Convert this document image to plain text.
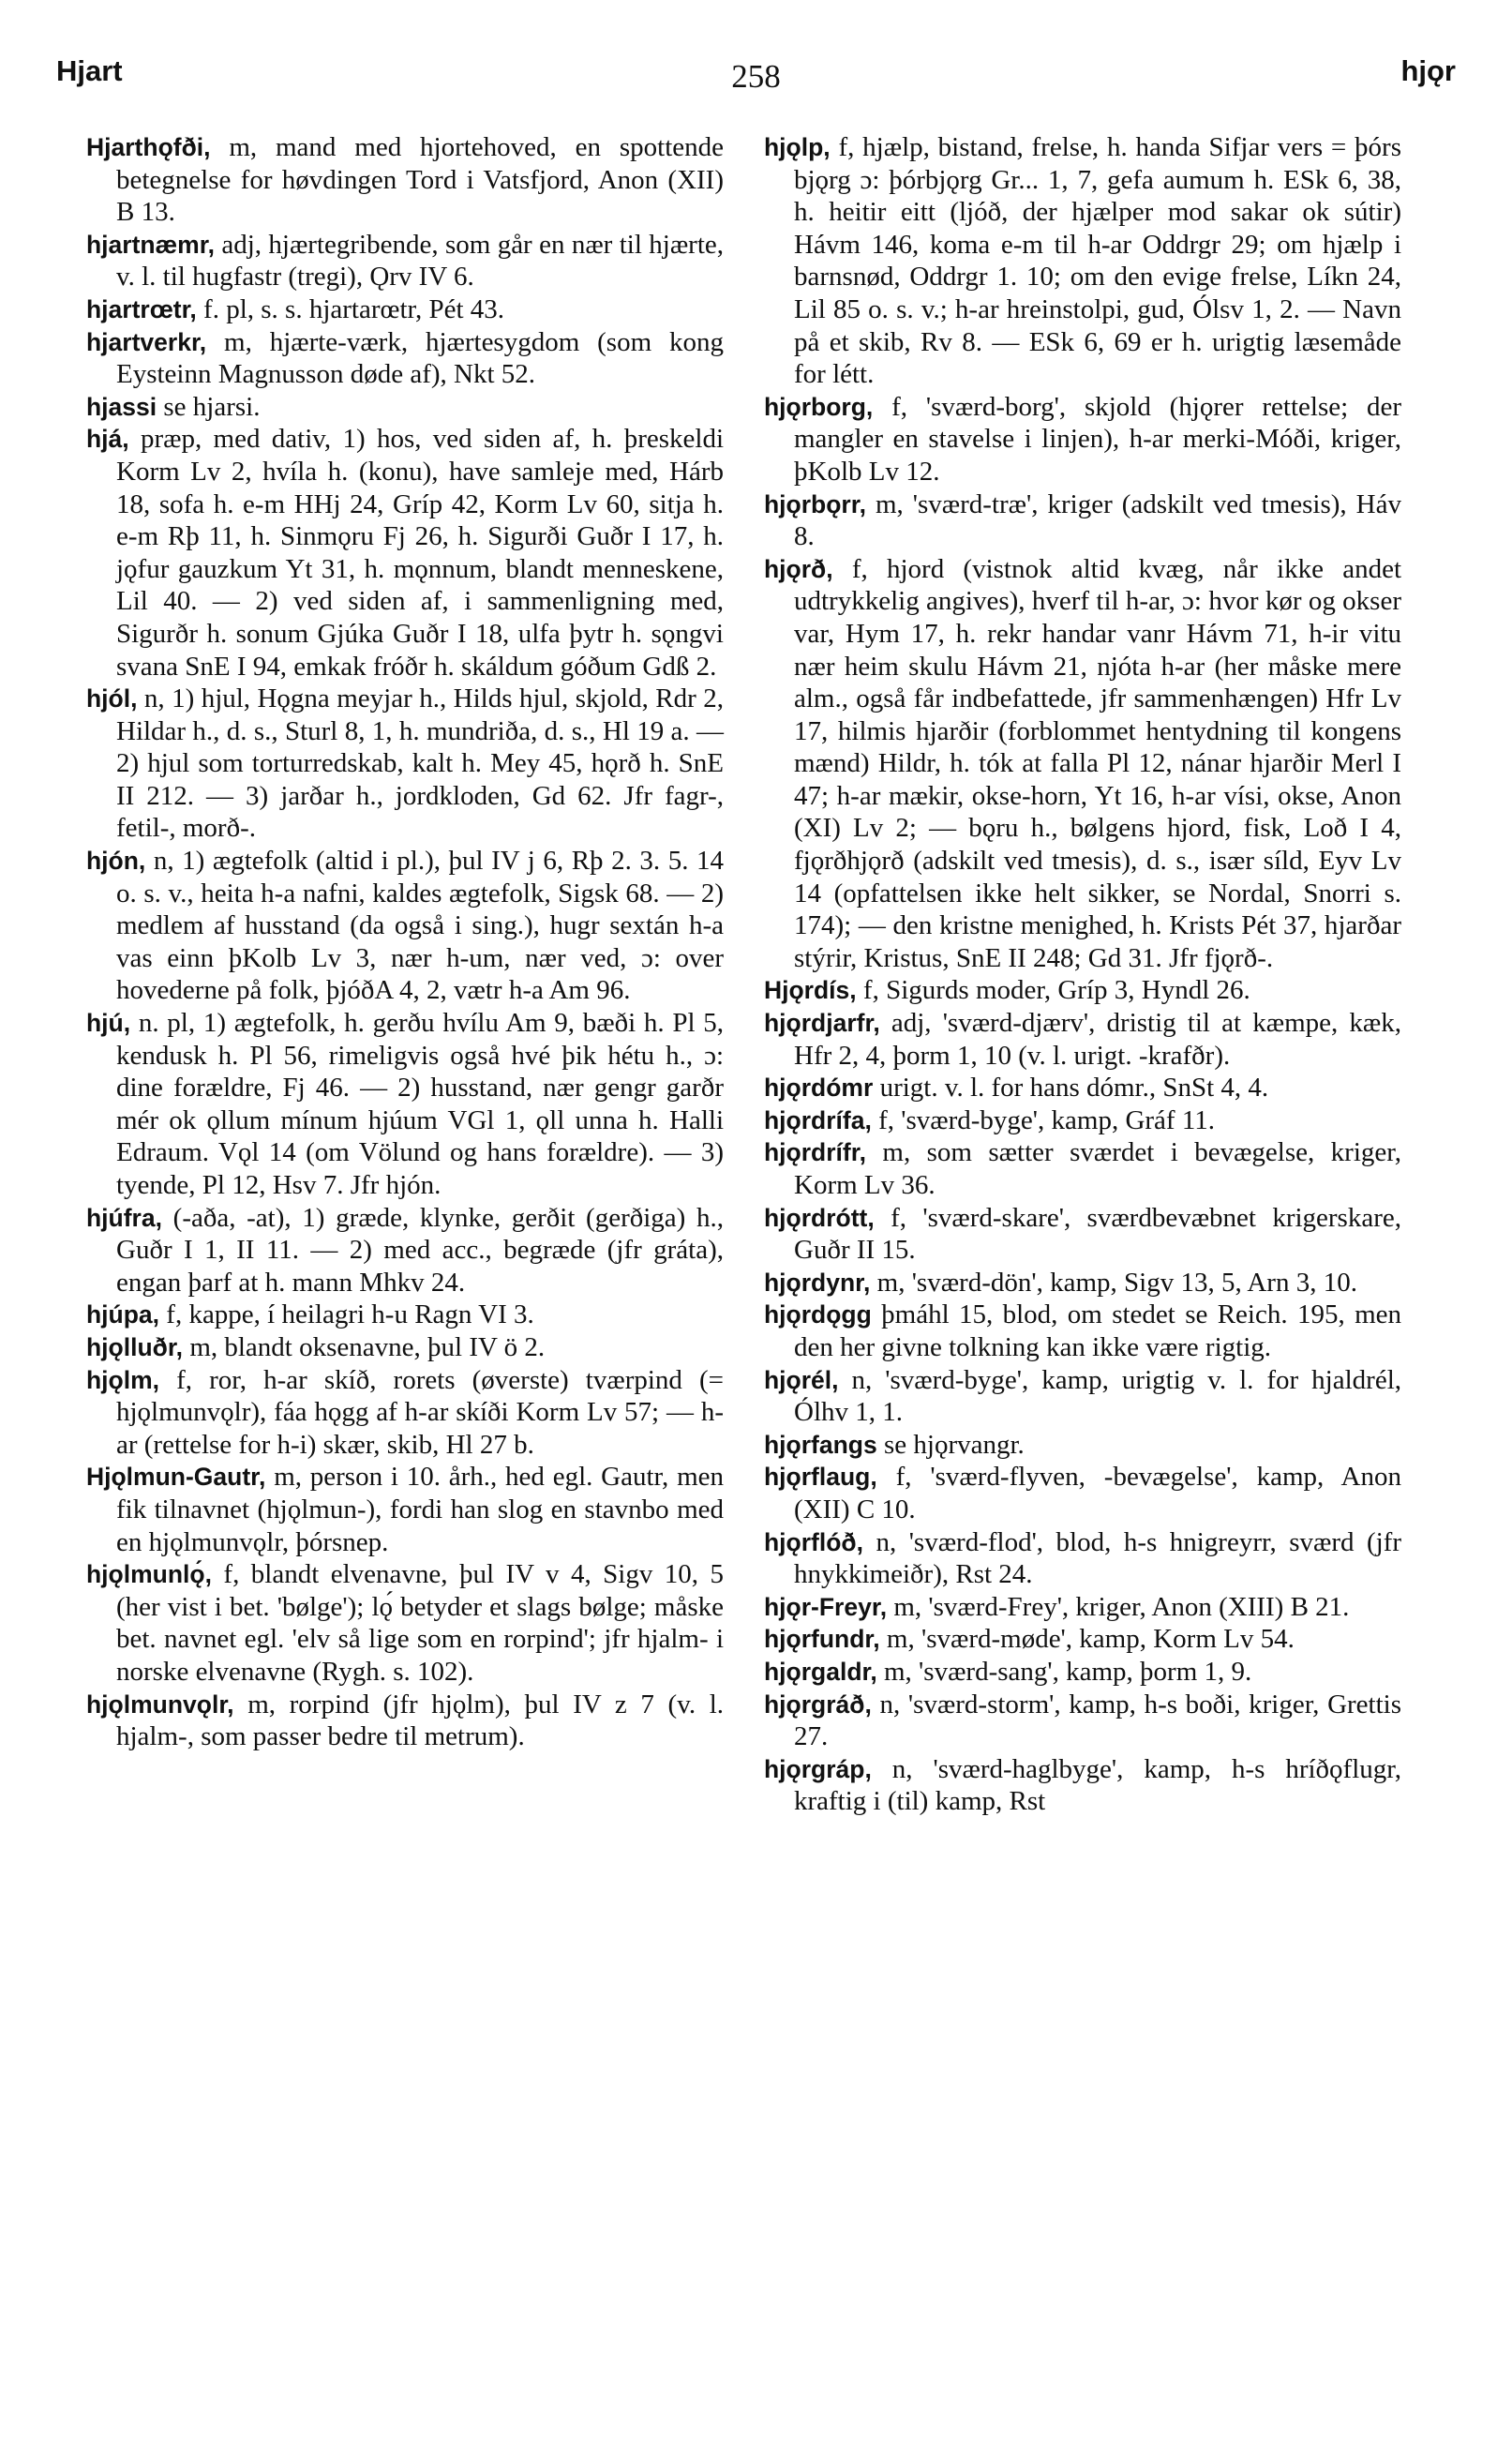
Hjart	258	hjǫr

Hjarthǫfði, m, mand med hjortehoved, en spottende betegnelse for høvdingen Tord i Vatsfjord, Anon (XII) B 13.

hjartnæmr, adj, hjærtegribende, som går en nær til hjærte, v. l. til hugfastr (tregi), Ǫrv IV 6.

hjartrœtr, f. pl, s. s. hjartarœtr, Pét 43.

hjartverkr, m, hjærte-værk, hjærtesygdom (som kong Eysteinn Magnusson døde af), Nkt 52.

hjassi se hjarsi.

hjá, præp, med dativ, 1) hos, ved siden af, h. þreskeldi Korm Lv 2, hvíla h. (konu), have samleje med, Hárb 18, sofa h. e-m HHj 24, Gríp 42, Korm Lv 60, sitja h. e-m Rþ 11, h. Sinmǫru Fj 26, h. Sigurði Guðr I 17, h. jǫfur gauzkum Yt 31, h. mǫnnum, blandt menneskene, Lil 40. — 2) ved siden af, i sammenligning med, Sigurðr h. sonum Gjúka Guðr I 18, ulfa þytr h. sǫngvi svana SnE I 94, emkak fróðr h. skáldum góðum Gdß 2.

hjól, n, 1) hjul, Hǫgna meyjar h., Hilds hjul, skjold, Rdr 2, Hildar h., d. s., Sturl 8, 1, h. mundriða, d. s., Hl 19 a. — 2) hjul som torturredskab, kalt h. Mey 45, hǫrð h. SnE II 212. — 3) jarðar h., jordkloden, Gd 62. Jfr fagr-, fetil-, morð-.

hjón, n, 1) ægtefolk (altid i pl.), þul IV j 6, Rþ 2. 3. 5. 14 o. s. v., heita h-a nafni, kaldes ægtefolk, Sigsk 68. — 2) medlem af husstand (da også i sing.), hugr sextán h-a vas einn þKolb Lv 3, nær h-um, nær ved, ɔ: over hovederne på folk, þjóðA 4, 2, vætr h-a Am 96.

hjú, n. pl, 1) ægtefolk, h. gerðu hvílu Am 9, bæði h. Pl 5, kendusk h. Pl 56, rimeligvis også hvé þik hétu h., ɔ: dine forældre, Fj 46. — 2) husstand, nær gengr garðr mér ok ǫllum mínum hjúum VGl 1, ǫll unna h. Halli Edraum. Vǫl 14 (om Völund og hans forældre). — 3) tyende, Pl 12, Hsv 7. Jfr hjón.

hjúfra, (-aða, -at), 1) græde, klynke, gerðit (gerðiga) h., Guðr I 1, II 11. — 2) med acc., begræde (jfr gráta), engan þarf at h. mann Mhkv 24.

hjúpa, f, kappe, í heilagri h-u Ragn VI 3.

hjǫlluðr, m, blandt oksenavne, þul IV ö 2.

hjǫlm, f, ror, h-ar skíð, rorets (øverste) tværpind (= hjǫlmunvǫlr), fáa hǫgg af h-ar skíði Korm Lv 57; — h-ar (rettelse for h-i) skær, skib, Hl 27 b.

Hjǫlmun-Gautr, m, person i 10. årh., hed egl. Gautr, men fik tilnavnet (hjǫlmun-), fordi han slog en stavnbo med en hjǫlmunvǫlr, þórsnep.

hjǫlmunlǫ́, f, blandt elvenavne, þul IV v 4, Sigv 10, 5 (her vist i bet. 'bølge'); lǫ́ betyder et slags bølge; måske bet. navnet egl. 'elv så lige som en rorpind'; jfr hjalm- i norske elvenavne (Rygh. s. 102).

hjǫlmunvǫlr, m, rorpind (jfr hjǫlm), þul IV z 7 (v. l. hjalm-, som passer bedre til metrum).

hjǫlp, f, hjælp, bistand, frelse, h. handa Sifjar vers = þórs bjǫrg ɔ: þórbjǫrg Gr... 1, 7, gefa aumum h. ESk 6, 38, h. heitir eitt (ljóð, der hjælper mod sakar ok sútir) Hávm 146, koma e-m til h-ar Oddrgr 29; om hjælp i barnsnød, Oddrgr 1. 10; om den evige frelse, Líkn 24, Lil 85 o. s. v.; h-ar hreinstolpi, gud, Ólsv 1, 2. — Navn på et skib, Rv 8. — ESk 6, 69 er h. urigtig læsemåde for létt.

hjǫrborg, f, 'sværd-borg', skjold (hjǫrer rettelse; der mangler en stavelse i linjen), h-ar merki-Móði, kriger, þKolb Lv 12.

hjǫrbǫrr, m, 'sværd-træ', kriger (adskilt ved tmesis), Háv 8.

hjǫrð, f, hjord (vistnok altid kvæg, når ikke andet udtrykkelig angives), hverf til h-ar, ɔ: hvor kør og okser var, Hym 17, h. rekr handar vanr Hávm 71, h-ir vitu nær heim skulu Hávm 21, njóta h-ar (her måske mere alm., også får indbefattede, jfr sammenhængen) Hfr Lv 17, hilmis hjarðir (forblommet hentydning til kongens mænd) Hildr, h. tók at falla Pl 12, nánar hjarðir Merl I 47; h-ar mækir, okse-horn, Yt 16, h-ar vísi, okse, Anon (XI) Lv 2; — bǫru h., bølgens hjord, fisk, Loð I 4, fjǫrðhjǫrð (adskilt ved tmesis), d. s., især síld, Eyv Lv 14 (opfattelsen ikke helt sikker, se Nordal, Snorri s. 174); — den kristne menighed, h. Krists Pét 37, hjarðar stýrir, Kristus, SnE II 248; Gd 31. Jfr fjǫrð-.

Hjǫrdís, f, Sigurds moder, Gríp 3, Hyndl 26.

hjǫrdjarfr, adj, 'sværd-djærv', dristig til at kæmpe, kæk, Hfr 2, 4, þorm 1, 10 (v. l. urigt. -krafðr).

hjǫrdómr urigt. v. l. for hans dómr., SnSt 4, 4.

hjǫrdrífa, f, 'sværd-byge', kamp, Gráf 11.

hjǫrdrífr, m, som sætter sværdet i bevægelse, kriger, Korm Lv 36.

hjǫrdrótt, f, 'sværd-skare', sværdbevæbnet krigerskare, Guðr II 15.

hjǫrdynr, m, 'sværd-dön', kamp, Sigv 13, 5, Arn 3, 10.

hjǫrdǫgg þmáhl 15, blod, om stedet se Reich. 195, men den her givne tolkning kan ikke være rigtig.

hjǫrél, n, 'sværd-byge', kamp, urigtig v. l. for hjaldrél, Ólhv 1, 1.

hjǫrfangs se hjǫrvangr.

hjǫrflaug, f, 'sværd-flyven, -bevægelse', kamp, Anon (XII) C 10.

hjǫrflóð, n, 'sværd-flod', blod, h-s hnigreyrr, sværd (jfr hnykkimeiðr), Rst 24.

hjǫr-Freyr, m, 'sværd-Frey', kriger, Anon (XIII) B 21.

hjǫrfundr, m, 'sværd-møde', kamp, Korm Lv 54.

hjǫrgaldr, m, 'sværd-sang', kamp, þorm 1, 9.

hjǫrgráð, n, 'sværd-storm', kamp, h-s boði, kriger, Grettis 27.

hjǫrgráp, n, 'sværd-haglbyge', kamp, h-s hríðǫflugr, kraftig i (til) kamp, Rst
